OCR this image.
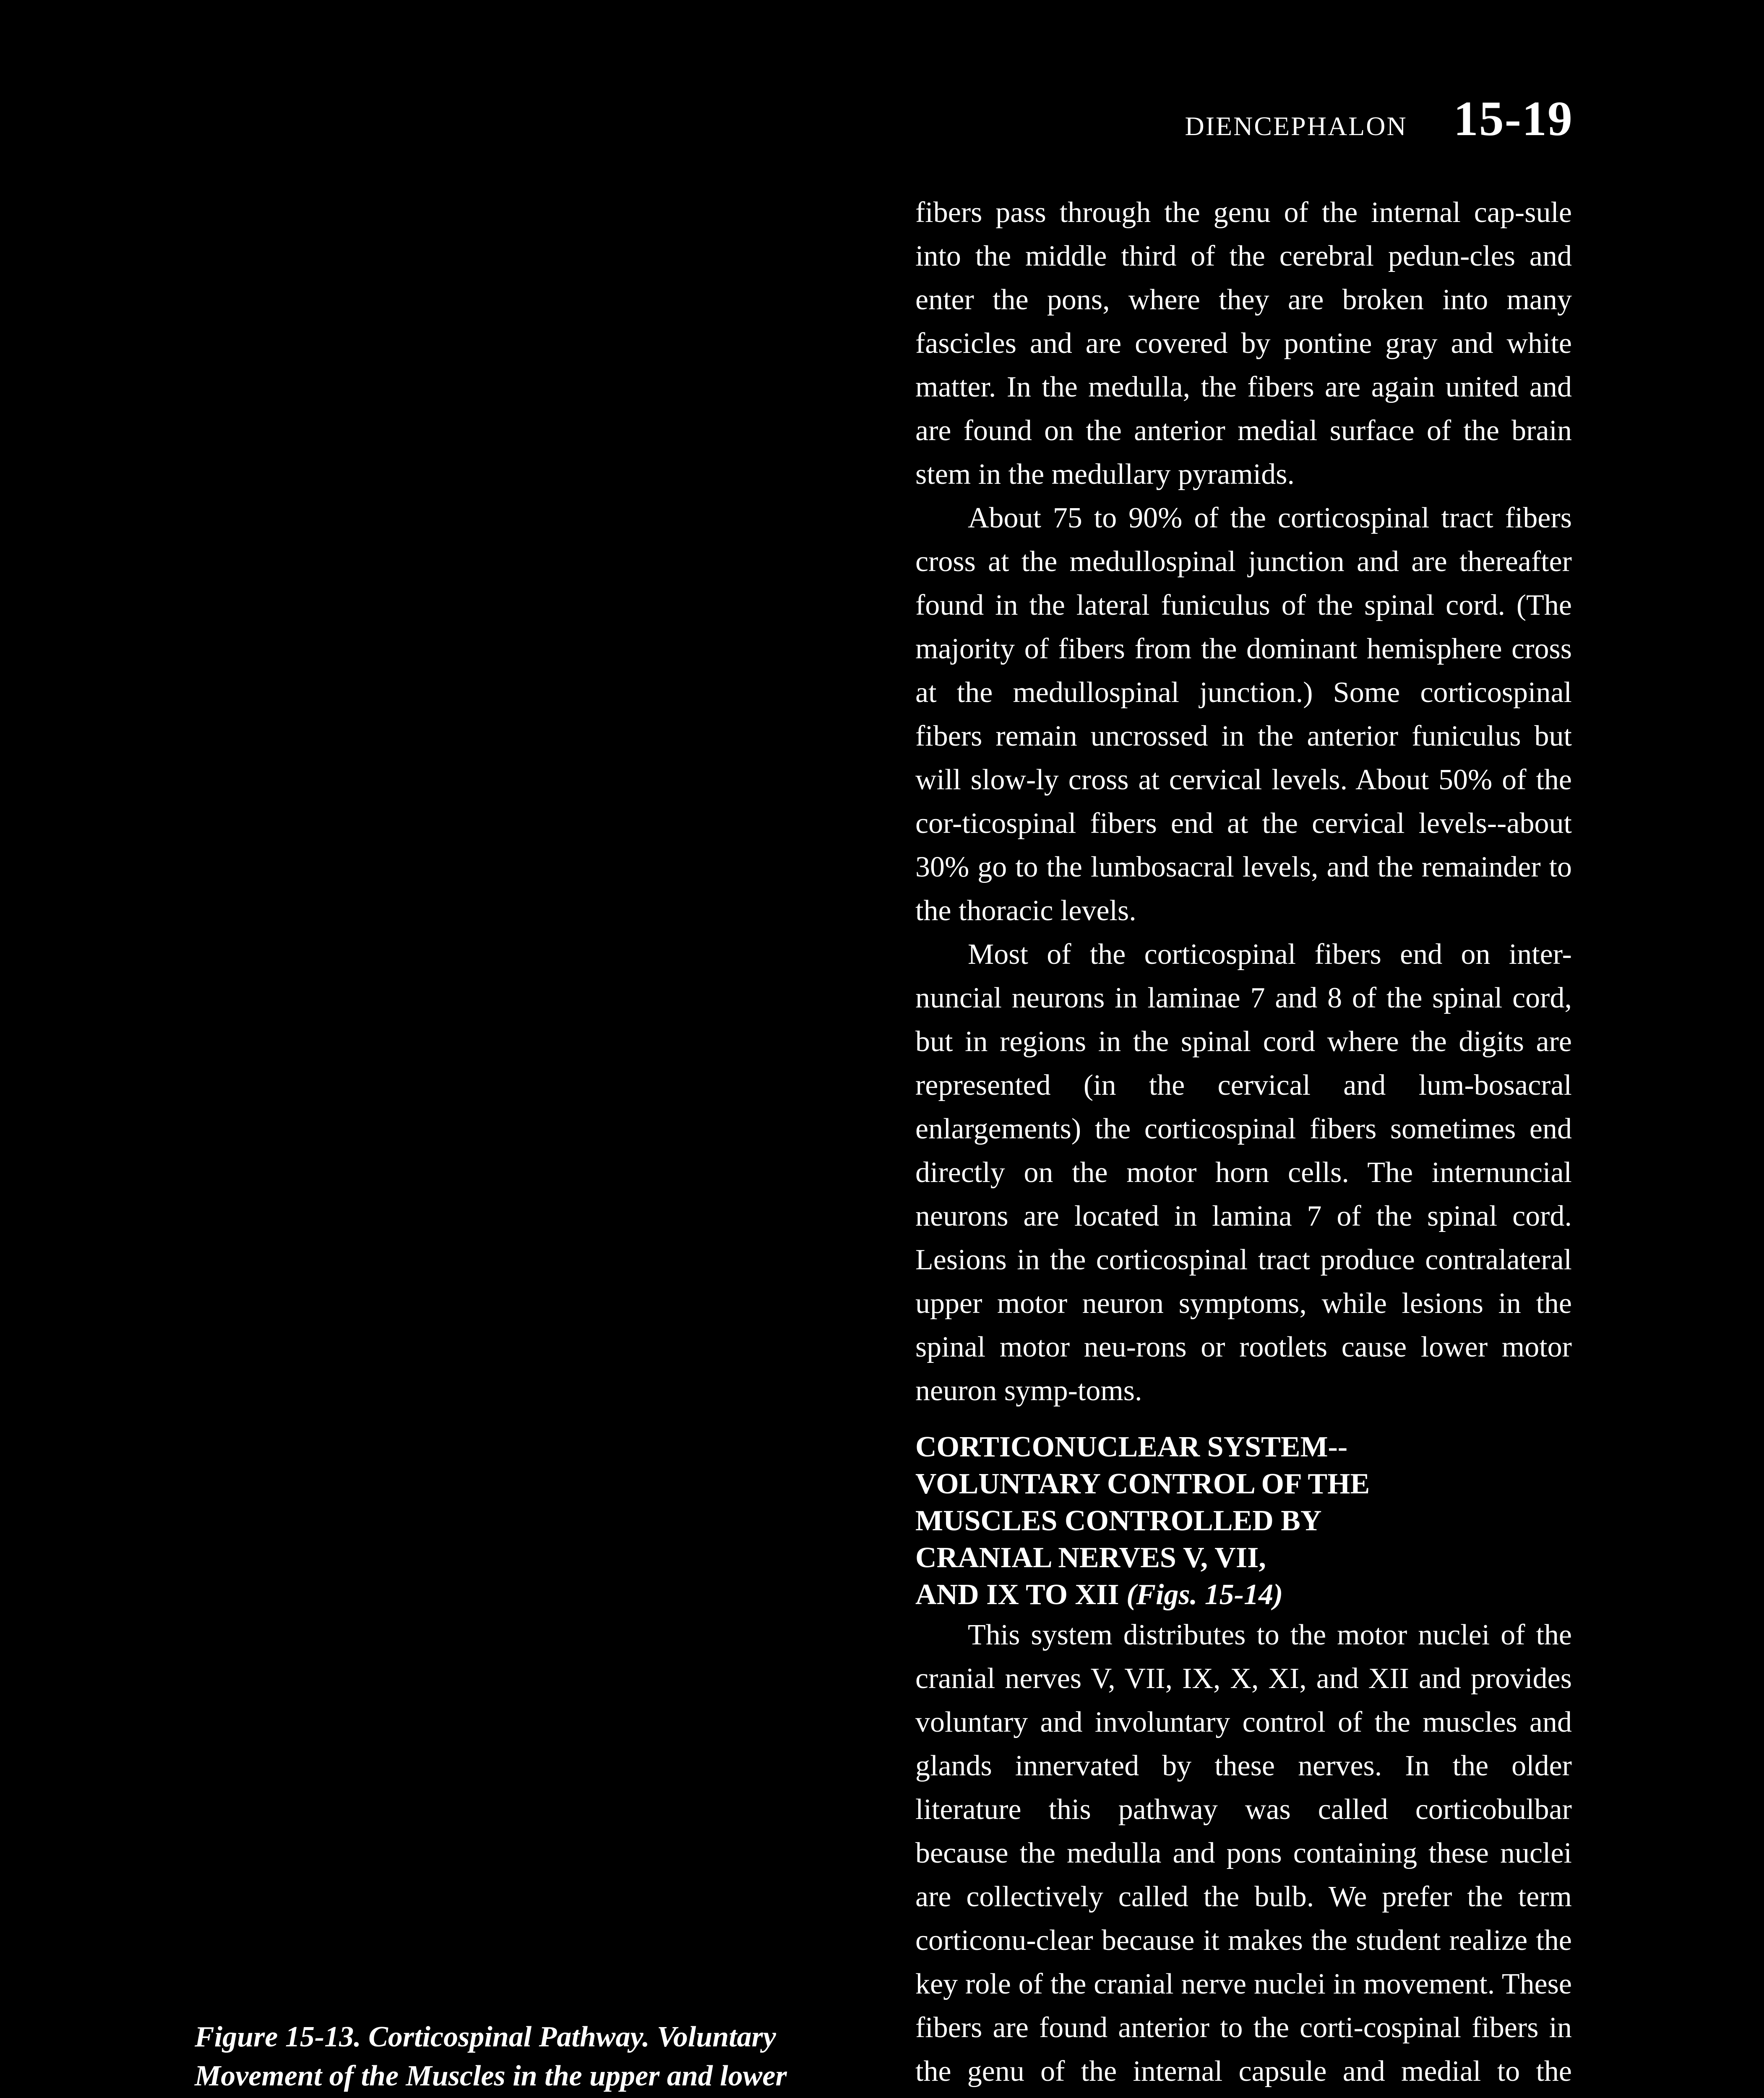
DIENCEPHALON 15-19

fibers pass through the genu of the internal cap-sule into the middle third of the cerebral pedun-cles and enter the pons, where they are broken into many fascicles and are covered by pontine gray and white matter. In the medulla, the fibers are again united and are found on the anterior medial surface of the brain stem in the medullary pyramids.

About 75 to 90% of the corticospinal tract fibers cross at the medullospinal junction and are thereafter found in the lateral funiculus of the spinal cord. (The majority of fibers from the dominant hemisphere cross at the medullospinal junction.) Some corticospinal fibers remain uncrossed in the anterior funiculus but will slow-ly cross at cervical levels. About 50% of the cor-ticospinal fibers end at the cervical levels--about 30% go to the lumbosacral levels, and the remainder to the thoracic levels.

Most of the corticospinal fibers end on inter-nuncial neurons in laminae 7 and 8 of the spinal cord, but in regions in the spinal cord where the digits are represented (in the cervical and lum-bosacral enlargements) the corticospinal fibers sometimes end directly on the motor horn cells. The internuncial neurons are located in lamina 7 of the spinal cord. Lesions in the corticospinal tract produce contralateral upper motor neuron symptoms, while lesions in the spinal motor neu-rons or rootlets cause lower motor neuron symp-toms.

CORTICONUCLEAR SYSTEM--
VOLUNTARY CONTROL OF THE
MUSCLES CONTROLLED BY
CRANIAL NERVES V, VII,
AND IX TO XII (Figs. 15-14)

This system distributes to the motor nuclei of the cranial nerves V, VII, IX, X, XI, and XII and provides voluntary and involuntary control of the muscles and glands innervated by these nerves. In the older literature this pathway was called corticobulbar because the medulla and pons containing these nuclei are collectively called the bulb. We prefer the term corticonu-clear because it makes the student realize the key role of the cranial nerve nuclei in movement. These fibers are found anterior to the corti-cospinal fibers in the genu of the internal capsule and medial to the

Figure 15-13. Corticospinal Pathway. Voluntary Movement of the Muscles in the upper and lower
